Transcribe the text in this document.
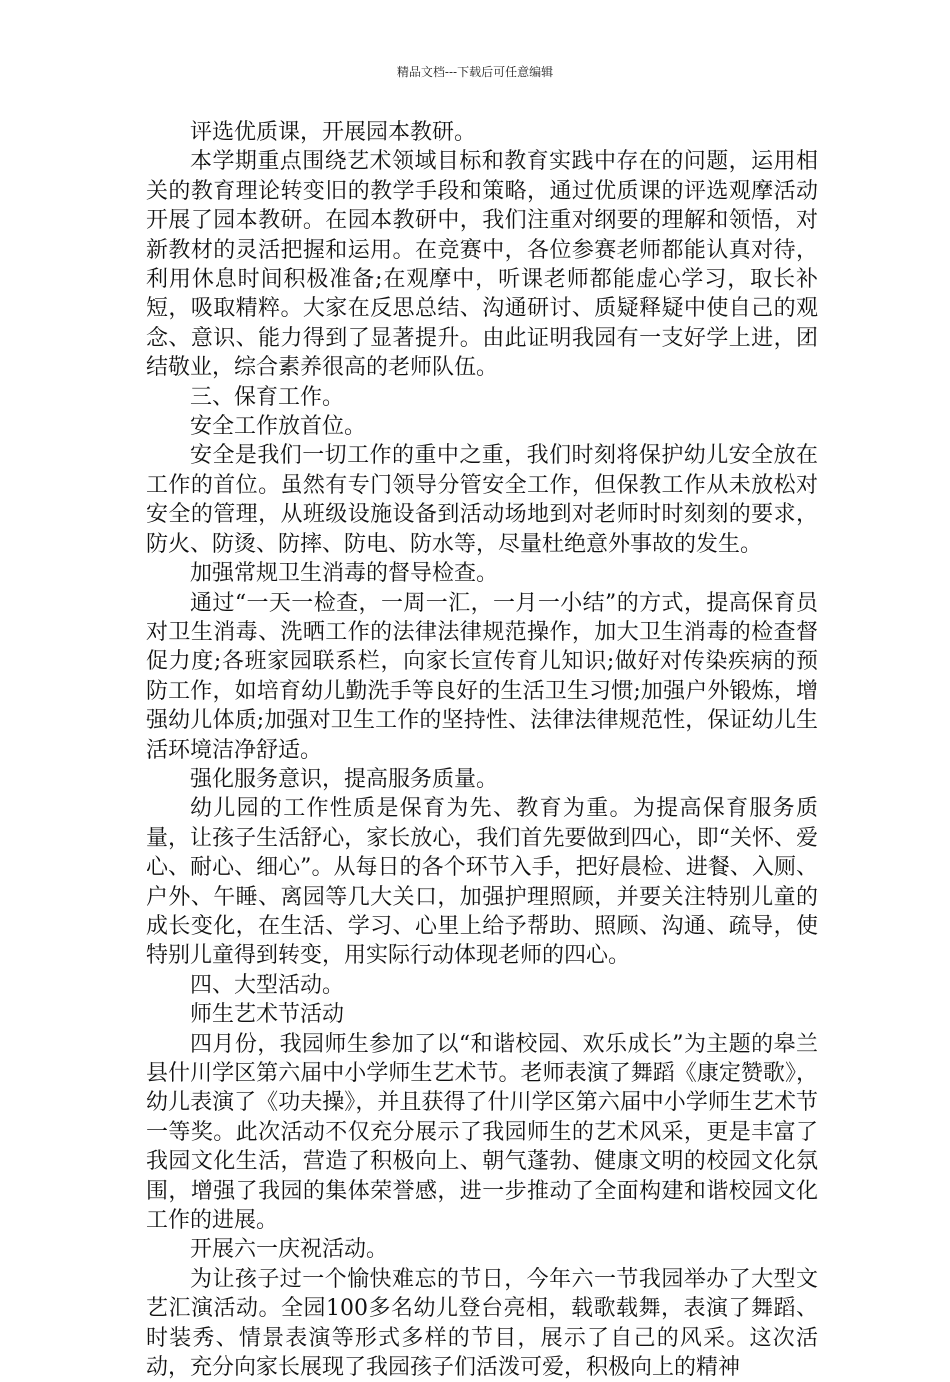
精品文档---下载后可任意编辑

评选优质课，开展园本教研。

本学期重点围绕艺术领域目标和教育实践中存在的问题，运用相关的教育理论转变旧的教学手段和策略，通过优质课的评选观摩活动开展了园本教研。在园本教研中，我们注重对纲要的理解和领悟，对新教材的灵活把握和运用。在竞赛中，各位参赛老师都能认真对待，利用休息时间积极准备;在观摩中，听课老师都能虚心学习，取长补短，吸取精粹。大家在反思总结、沟通研讨、质疑释疑中使自己的观念、意识、能力得到了显著提升。由此证明我园有一支好学上进，团结敬业，综合素养很高的老师队伍。

三、保育工作。

安全工作放首位。

安全是我们一切工作的重中之重，我们时刻将保护幼儿安全放在工作的首位。虽然有专门领导分管安全工作，但保教工作从未放松对安全的管理，从班级设施设备到活动场地到对老师时时刻刻的要求，防火、防烫、防摔、防电、防水等，尽量杜绝意外事故的发生。

加强常规卫生消毒的督导检查。

通过“一天一检查，一周一汇，一月一小结”的方式，提高保育员对卫生消毒、洗晒工作的法律法律规范操作，加大卫生消毒的检查督促力度;各班家园联系栏，向家长宣传育儿知识;做好对传染疾病的预防工作，如培育幼儿勤洗手等良好的生活卫生习惯;加强户外锻炼，增强幼儿体质;加强对卫生工作的坚持性、法律法律规范性，保证幼儿生活环境洁净舒适。

强化服务意识，提高服务质量。

幼儿园的工作性质是保育为先、教育为重。为提高保育服务质量，让孩子生活舒心，家长放心，我们首先要做到四心，即“关怀、爱心、耐心、细心”。从每日的各个环节入手，把好晨检、进餐、入厕、户外、午睡、离园等几大关口，加强护理照顾，并要关注特别儿童的成长变化，在生活、学习、心里上给予帮助、照顾、沟通、疏导，使特别儿童得到转变，用实际行动体现老师的四心。

四、大型活动。

师生艺术节活动

四月份，我园师生参加了以“和谐校园、欢乐成长”为主题的皋兰县什川学区第六届中小学师生艺术节。老师表演了舞蹈《康定赞歌》，幼儿表演了《功夫操》，并且获得了什川学区第六届中小学师生艺术节一等奖。此次活动不仅充分展示了我园师生的艺术风采，更是丰富了我园文化生活，营造了积极向上、朝气蓬勃、健康文明的校园文化氛围，增强了我园的集体荣誉感，进一步推动了全面构建和谐校园文化工作的进展。

开展六一庆祝活动。

为让孩子过一个愉快难忘的节日，今年六一节我园举办了大型文艺汇演活动。全园100多名幼儿登台亮相，载歌载舞，表演了舞蹈、时装秀、情景表演等形式多样的节目，展示了自己的风采。这次活动，充分向家长展现了我园孩子们活泼可爱，积极向上的精神
